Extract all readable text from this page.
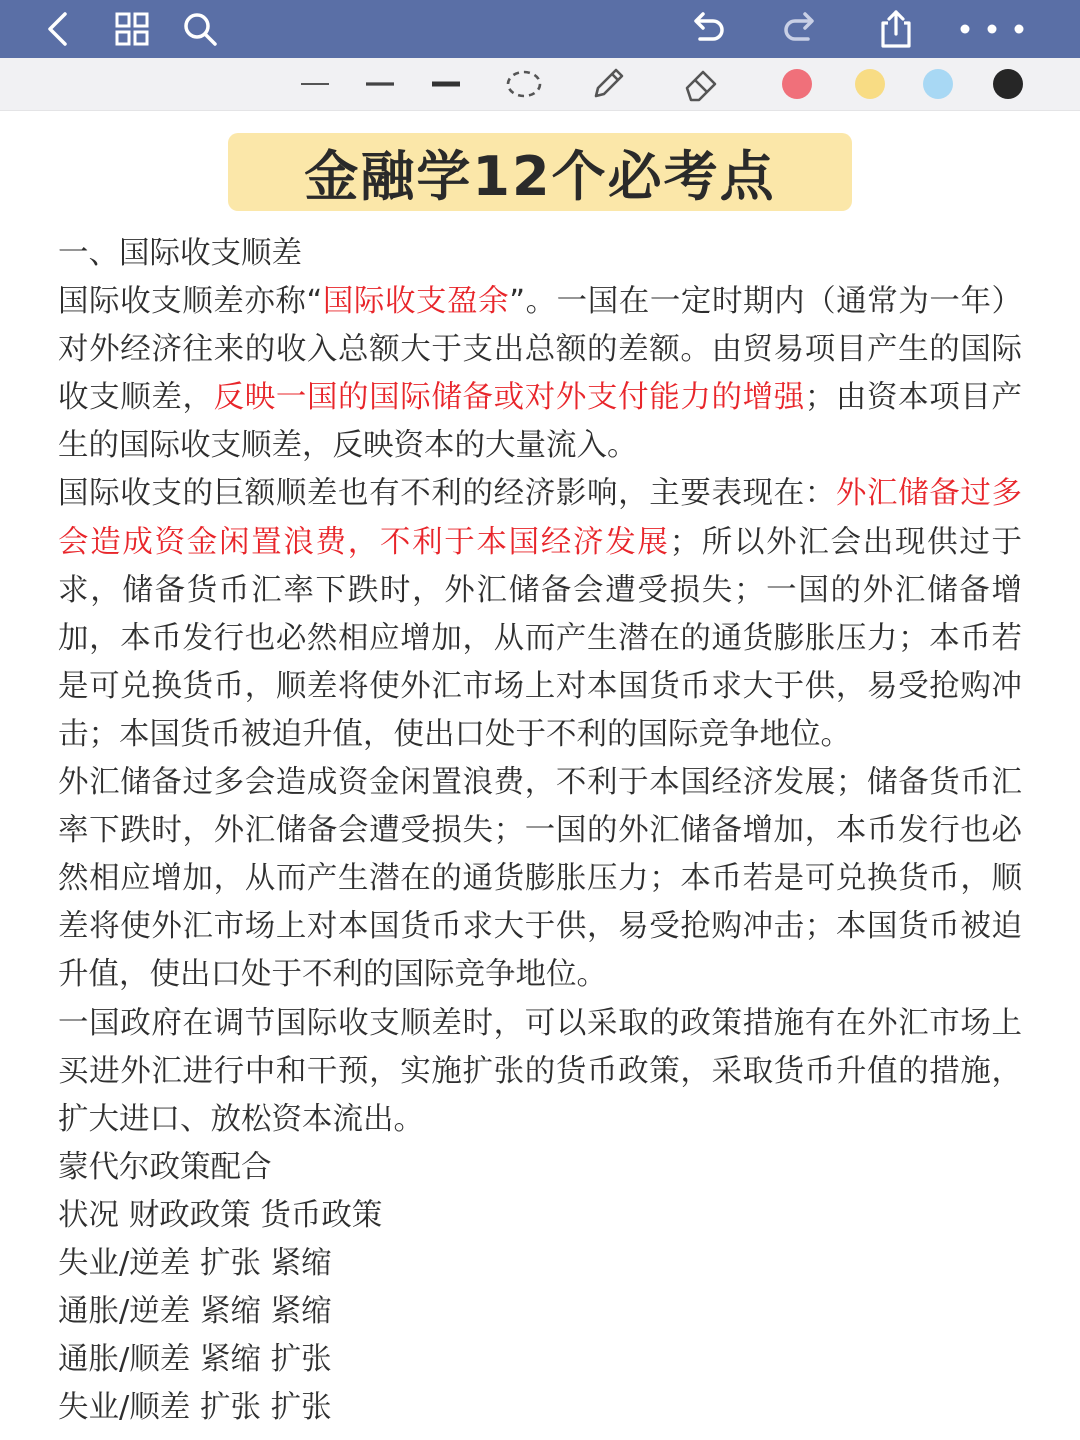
金融学12个必考点

一、国际收支顺差

国际收支顺差亦称“国际收支盈余”。一国在一定时期内（通常为一年）对外经济往来的收入总额大于支出总额的差额。由贸易项目产生的国际收支顺差，反映一国的国际储备或对外支付能力的增强；由资本项目产生的国际收支顺差，反映资本的大量流入。

国际收支的巨额顺差也有不利的经济影响，主要表现在：外汇储备过多会造成资金闲置浪费，不利于本国经济发展；所以外汇会出现供过于求，储备货币汇率下跌时，外汇储备会遭受损失；一国的外汇储备增加，本币发行也必然相应增加，从而产生潜在的通货膨胀压力；本币若是可兑换货币，顺差将使外汇市场上对本国货币求大于供，易受抢购冲击；本国货币被迫升值，使出口处于不利的国际竞争地位。

外汇储备过多会造成资金闲置浪费，不利于本国经济发展；储备货币汇率下跌时，外汇储备会遭受损失；一国的外汇储备增加，本币发行也必然相应增加，从而产生潜在的通货膨胀压力；本币若是可兑换货币，顺差将使外汇市场上对本国货币求大于供，易受抢购冲击；本国货币被迫升值，使出口处于不利的国际竞争地位。

一国政府在调节国际收支顺差时，可以采取的政策措施有在外汇市场上买进外汇进行中和干预，实施扩张的货币政策，采取货币升值的措施，扩大进口、放松资本流出。

蒙代尔政策配合

状况 财政政策 货币政策

失业/逆差 扩张 紧缩

通胀/逆差 紧缩 紧缩

通胀/顺差 紧缩 扩张

失业/顺差 扩张 扩张
